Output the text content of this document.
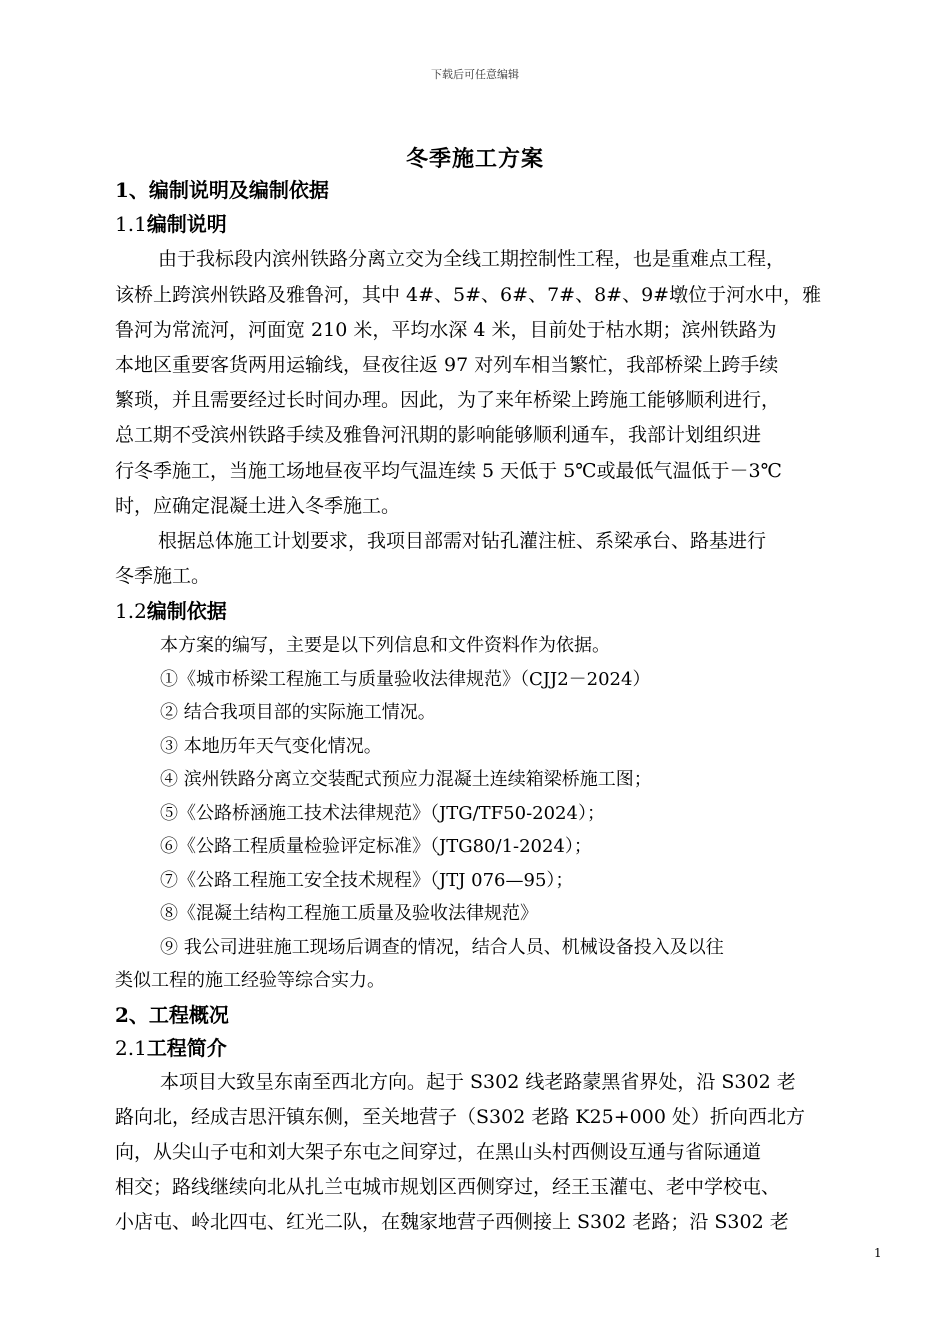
下载后可任意编辑
冬季施工方案
1、编制说明及编制依据
1.1编制说明
由于我标段内滨州铁路分离立交为全线工期控制性工程，也是重难点工程，
该桥上跨滨州铁路及雅鲁河，其中 4#、5#、6#、7#、8#、9#墩位于河水中，雅
鲁河为常流河，河面宽 210 米，平均水深 4 米，目前处于枯水期；滨州铁路为
本地区重要客货两用运输线，昼夜往返 97 对列车相当繁忙，我部桥梁上跨手续
繁琐，并且需要经过长时间办理。因此，为了来年桥梁上跨施工能够顺利进行，
总工期不受滨州铁路手续及雅鲁河汛期的影响能够顺利通车，我部计划组织进
行冬季施工，当施工场地昼夜平均气温连续 5 天低于 5℃或最低气温低于－3℃
时，应确定混凝土进入冬季施工。
根据总体施工计划要求，我项目部需对钻孔灌注桩、系梁承台、路基进行
冬季施工。
1.2编制依据
本方案的编写，主要是以下列信息和文件资料作为依据。
①《城市桥梁工程施工与质量验收法律规范》（CJJ2－2024）
② 结合我项目部的实际施工情况。
③ 本地历年天气变化情况。
④ 滨州铁路分离立交装配式预应力混凝土连续箱梁桥施工图；
⑤《公路桥涵施工技术法律规范》（JTG/TF50-2024）；
⑥《公路工程质量检验评定标准》（JTG80/1-2024）；
⑦《公路工程施工安全技术规程》（JTJ 076—95）；
⑧《混凝土结构工程施工质量及验收法律规范》
⑨ 我公司进驻施工现场后调查的情况，结合人员、机械设备投入及以往
类似工程的施工经验等综合实力。
2、工程概况
2.1工程简介
本项目大致呈东南至西北方向。起于 S302 线老路蒙黑省界处，沿 S302 老
路向北，经成吉思汗镇东侧，至关地营子（S302 老路 K25+000 处）折向西北方
向，从尖山子屯和刘大架子东屯之间穿过，在黑山头村西侧设互通与省际通道
相交；路线继续向北从扎兰屯城市规划区西侧穿过，经王玉灌屯、老中学校屯、
小店屯、岭北四屯、红光二队，在魏家地营子西侧接上 S302 老路；沿 S302 老
1
